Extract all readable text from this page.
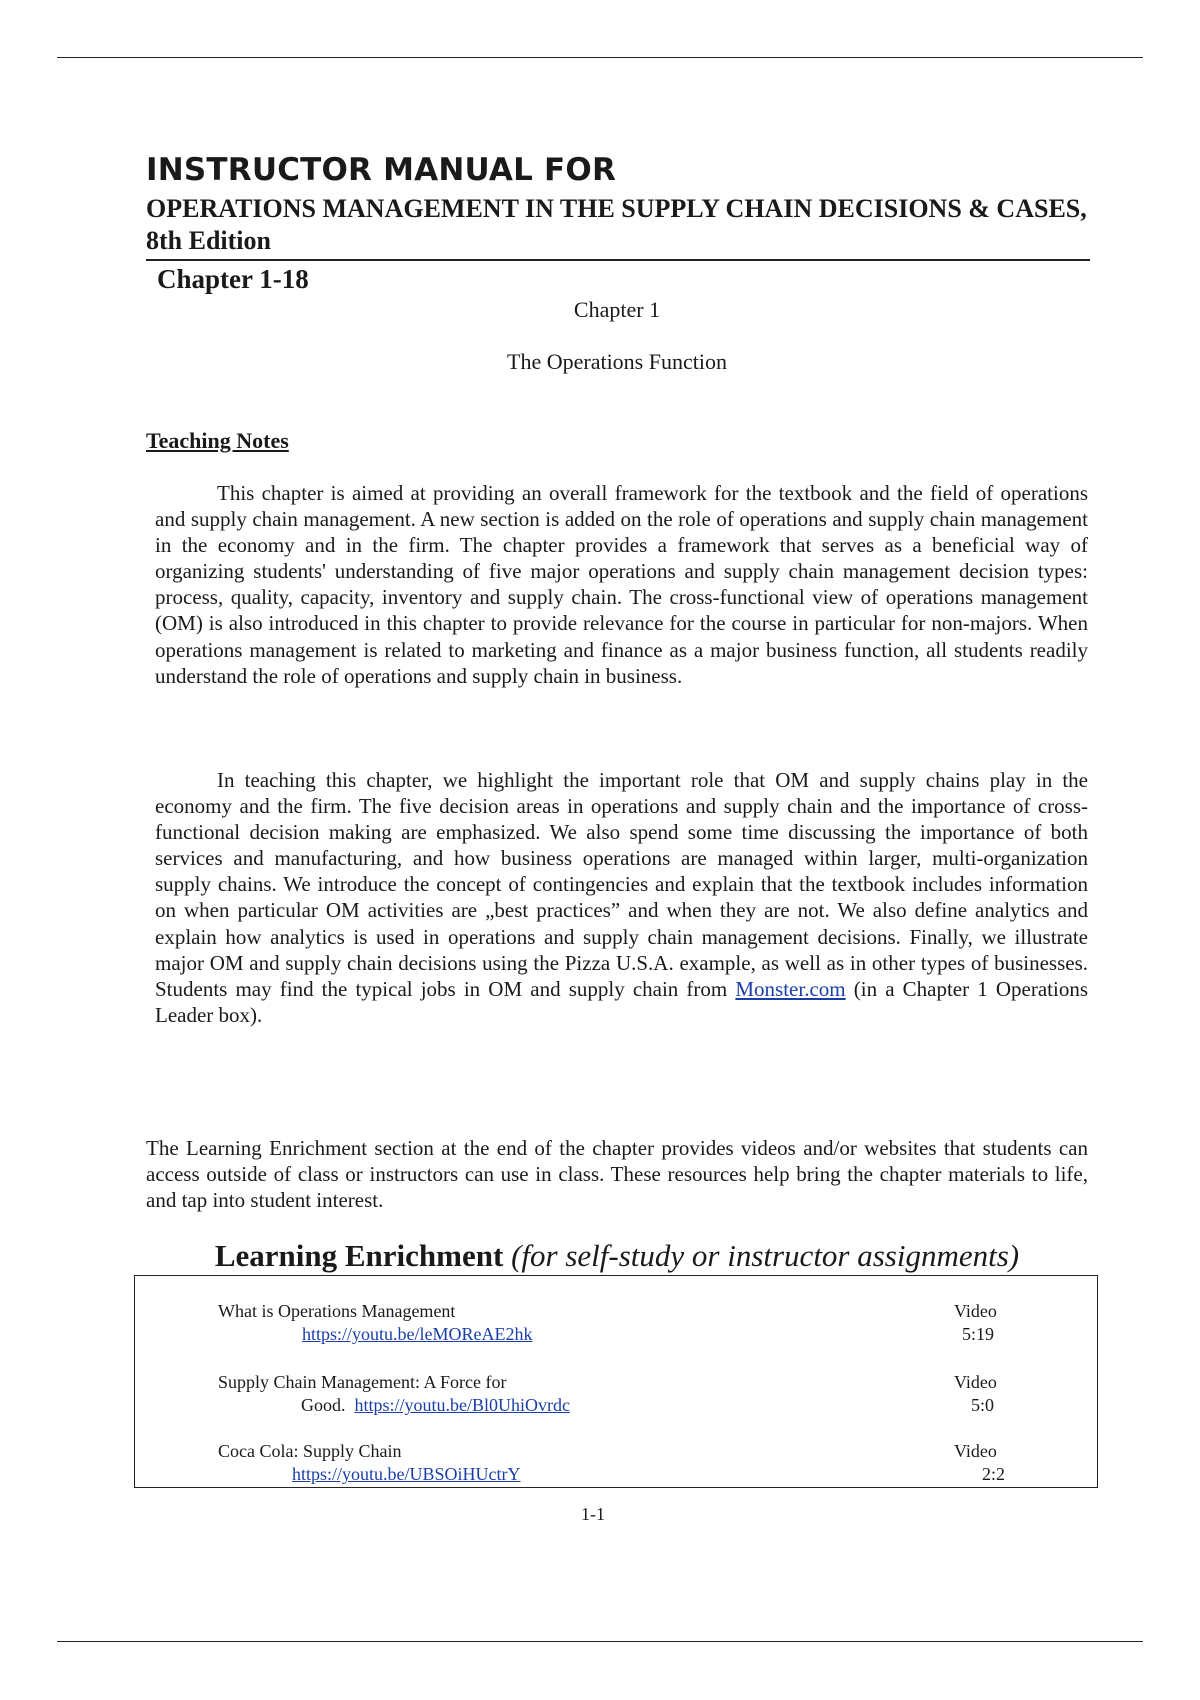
INSTRUCTOR MANUAL FOR
OPERATIONS MANAGEMENT IN THE SUPPLY CHAIN DECISIONS & CASES, 8th Edition
Chapter 1-18
Chapter 1
The Operations Function
Teaching Notes

This chapter is aimed at providing an overall framework for the textbook and the field of operations and supply chain management. A new section is added on the role of operations and supply chain management in the economy and in the firm. The chapter provides a framework that serves as a beneficial way of organizing students' understanding of five major operations and supply chain management decision types: process, quality, capacity, inventory and supply chain. The cross-functional view of operations management (OM) is also introduced in this chapter to provide relevance for the course in particular for non-majors. When operations management is related to marketing and finance as a major business function, all students readily understand the role of operations and supply chain in business.

In teaching this chapter, we highlight the important role that OM and supply chains play in the economy and the firm. The five decision areas in operations and supply chain and the importance of cross-functional decision making are emphasized. We also spend some time discussing the importance of both services and manufacturing, and how business operations are managed within larger, multi-organization supply chains. We introduce the concept of contingencies and explain that the textbook includes information on when particular OM activities are „best practices” and when they are not. We also define analytics and explain how analytics is used in operations and supply chain management decisions. Finally, we illustrate major OM and supply chain decisions using the Pizza U.S.A. example, as well as in other types of businesses. Students may find the typical jobs in OM and supply chain from Monster.com (in a Chapter 1 Operations Leader box).

The Learning Enrichment section at the end of the chapter provides videos and/or websites that students can access outside of class or instructors can use in class. These resources help bring the chapter materials to life, and tap into student interest.

Learning Enrichment (for self-study or instructor assignments)
What is Operations Management
https://youtu.be/leMOReAE2hk
Video
5:19
Supply Chain Management: A Force for
Good. https://youtu.be/Bl0UhiOvrdc
Video
5:0
Coca Cola: Supply Chain
https://youtu.be/UBSOiHUctrY
Video
2:2
1-1
